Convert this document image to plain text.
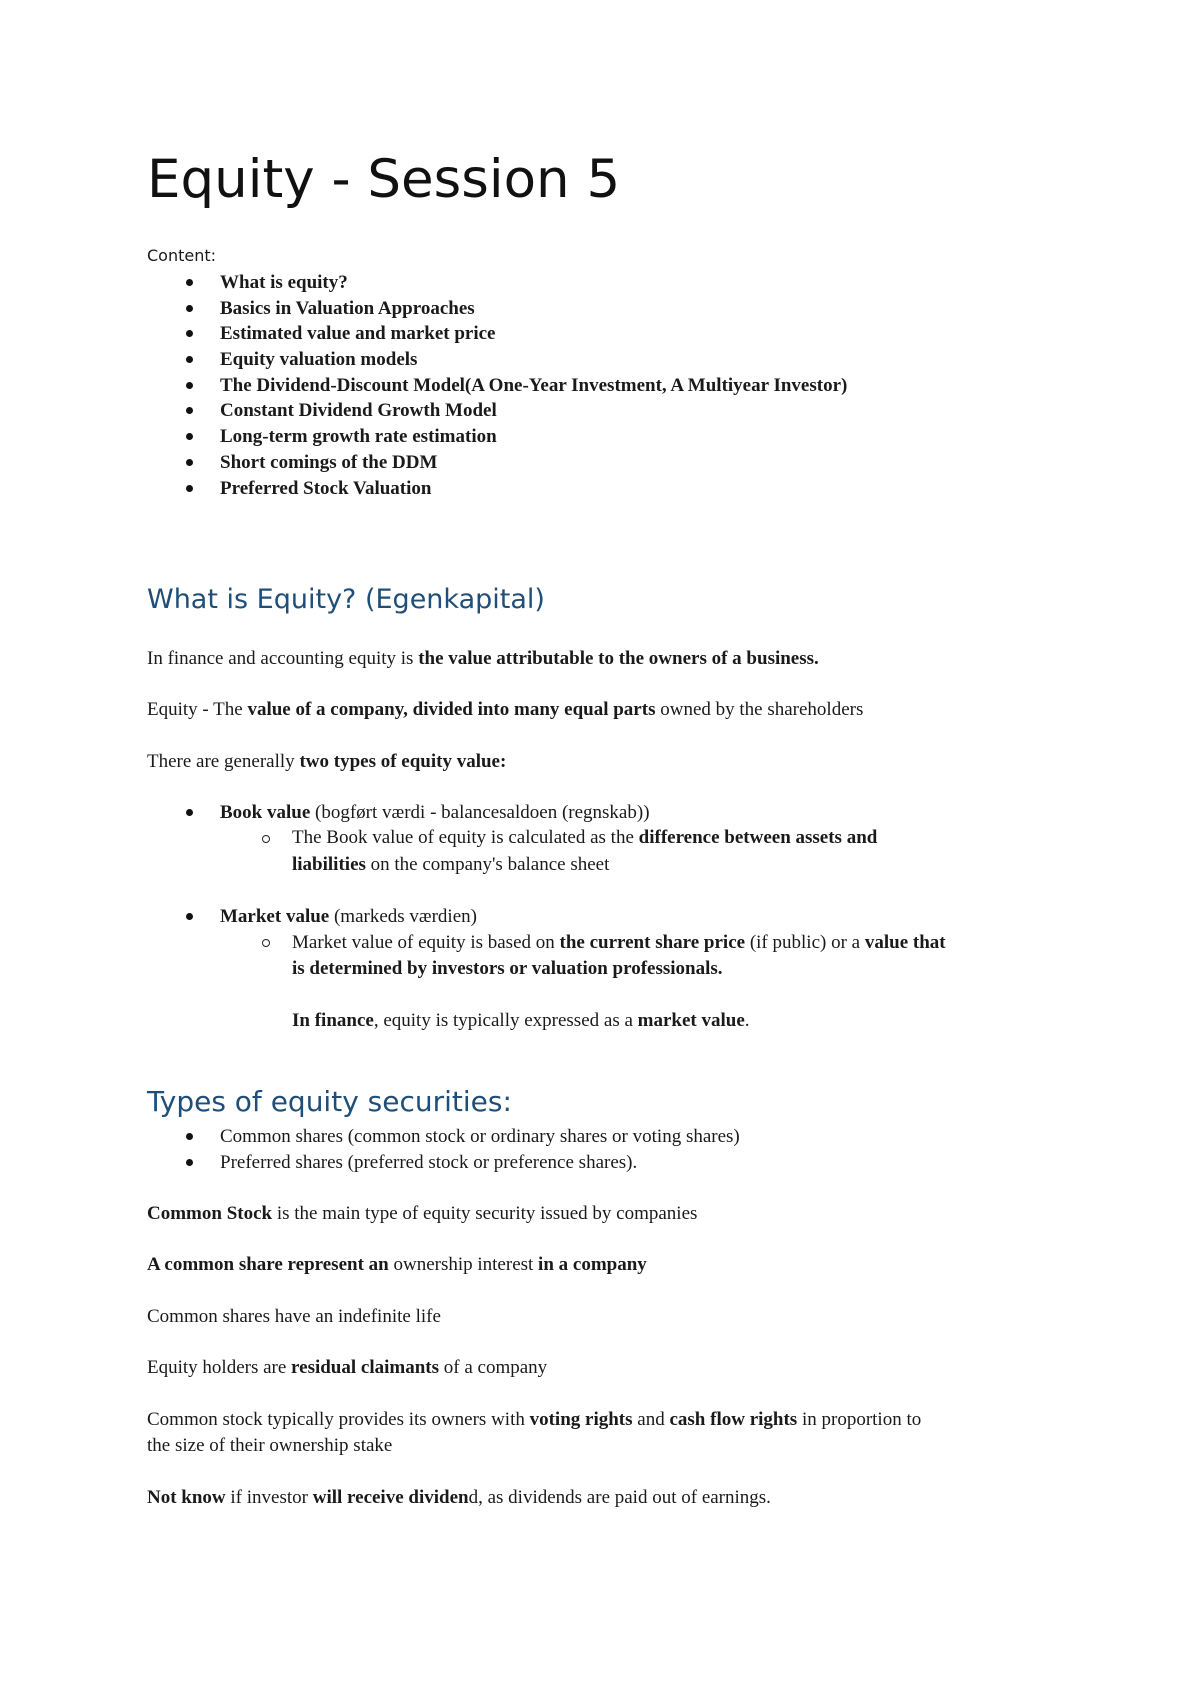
Equity - Session 5
Content:
What is equity?
Basics in Valuation Approaches
Estimated value and market price
Equity valuation models
The Dividend-Discount Model(A One-Year Investment, A Multiyear Investor)
Constant Dividend Growth Model
Long-term growth rate estimation
Short comings of the DDM
Preferred Stock Valuation
What is Equity? (Egenkapital)

In finance and accounting equity is the value attributable to the owners of a business.

Equity - The value of a company, divided into many equal parts owned by the shareholders

There are generally two types of equity value:

Book value (bogført værdi - balancesaldoen (regnskab))

The Book value of equity is calculated as the difference between assets and

liabilities on the company's balance sheet

Market value (markeds værdien)

Market value of equity is based on the current share price (if public) or a value that

is determined by investors or valuation professionals.

In finance, equity is typically expressed as a market value.

Types of equity securities:
Common shares (common stock or ordinary shares or voting shares)
Preferred shares (preferred stock or preference shares).

Common Stock is the main type of equity security issued by companies

A common share represent an ownership interest in a company

Common shares have an indefinite life

Equity holders are residual claimants of a company

Common stock typically provides its owners with voting rights and cash flow rights in proportion to

the size of their ownership stake

Not know if investor will receive dividend, as dividends are paid out of earnings.
